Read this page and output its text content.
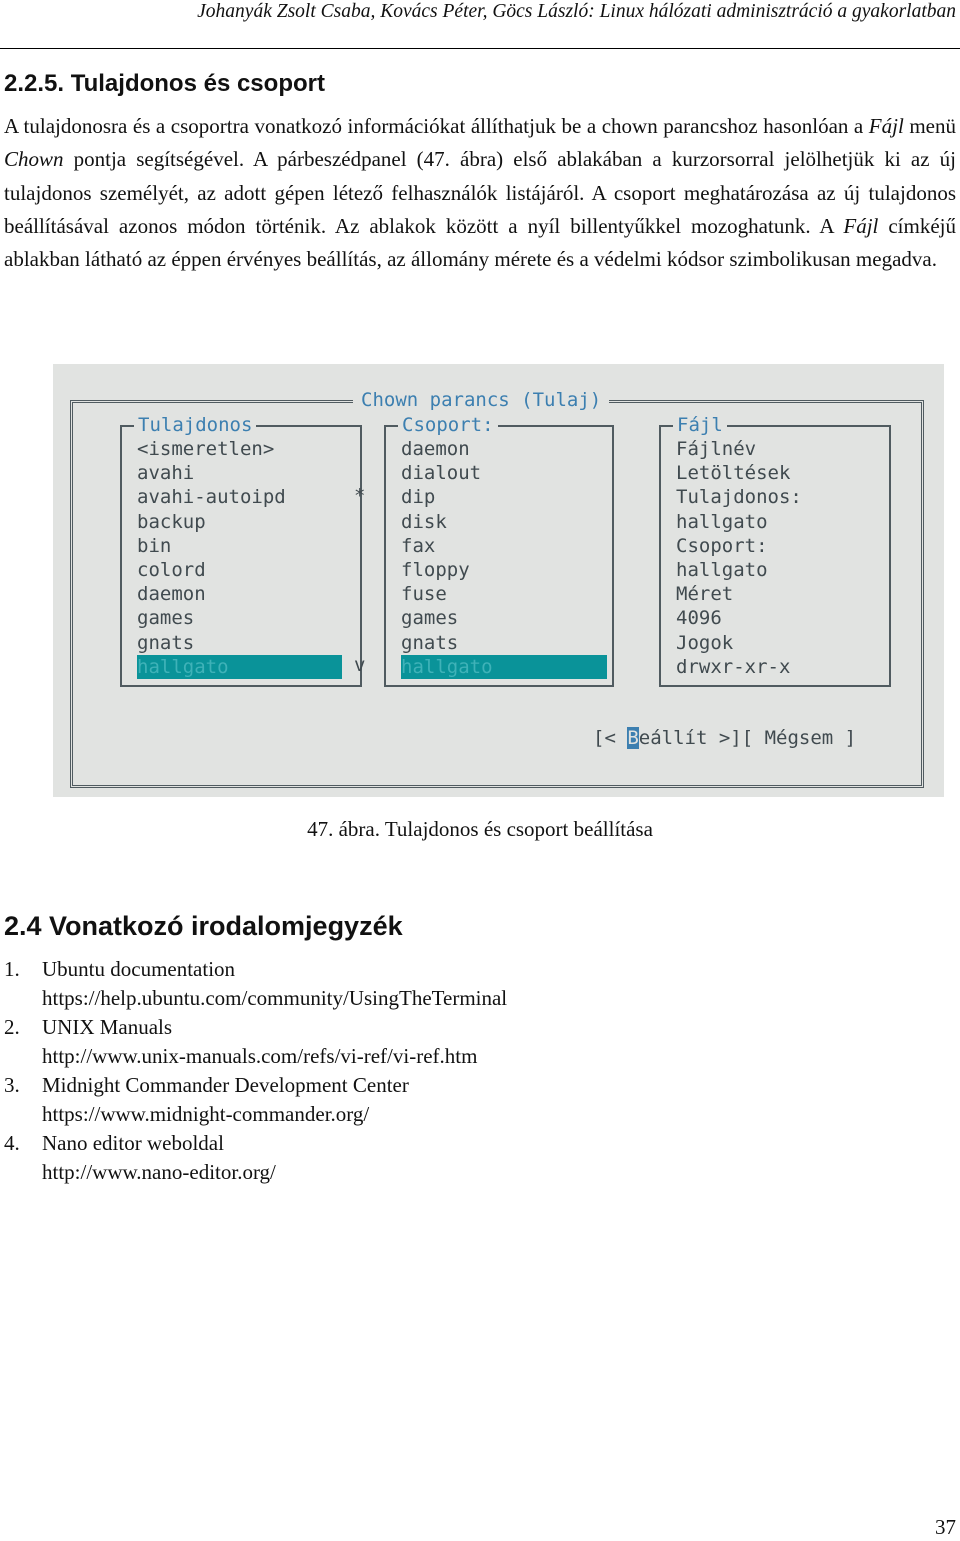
Johanyák Zsolt Csaba, Kovács Péter, Göcs László: Linux hálózati adminisztráció a gyakorlatban
2.2.5. Tulajdonos és csoport

A tulajdonosra és a csoportra vonatkozó információkat állíthatjuk be a chown parancshoz hasonlóan a Fájl menü Chown pontja segítségével. A párbeszédpanel (47. ábra) első ablakában a kurzorsorral jelölhetjük ki az új tulajdonos személyét, az adott gépen létező felhasználók listájáról. A csoport meghatározása az új tulajdonos beállításával azonos módon történik. Az ablakok között a nyíl billentyűkkel mozoghatunk. A Fájl címkéjű ablakban látható az éppen érvényes beállítás, az állomány mérete és a védelmi kódsor szimbolikusan megadva.

Chown parancs (Tulaj)
Tulajdonos
<ismeretlen>
avahi
avahi-autoipd
backup
bin
colord
daemon
games
gnats
hallgato
*
v
Csoport:
daemon
dialout
dip
disk
fax
floppy
fuse
games
gnats
hallgato
Fájl
Fájlnév
Letöltések
Tulajdonos:
hallgato
Csoport:
hallgato
Méret
4096
Jogok
drwxr-xr-x
[< Beállít >][ Mégsem ]

47. ábra. Tulajdonos és csoport beállítása

2.4 Vonatkozó irodalomjegyzék
1. Ubuntu documentation
https://help.ubuntu.com/community/UsingTheTerminal
2. UNIX Manuals
http://www.unix-manuals.com/refs/vi-ref/vi-ref.htm
3. Midnight Commander Development Center
https://www.midnight-commander.org/
4. Nano editor weboldal
http://www.nano-editor.org/
37
